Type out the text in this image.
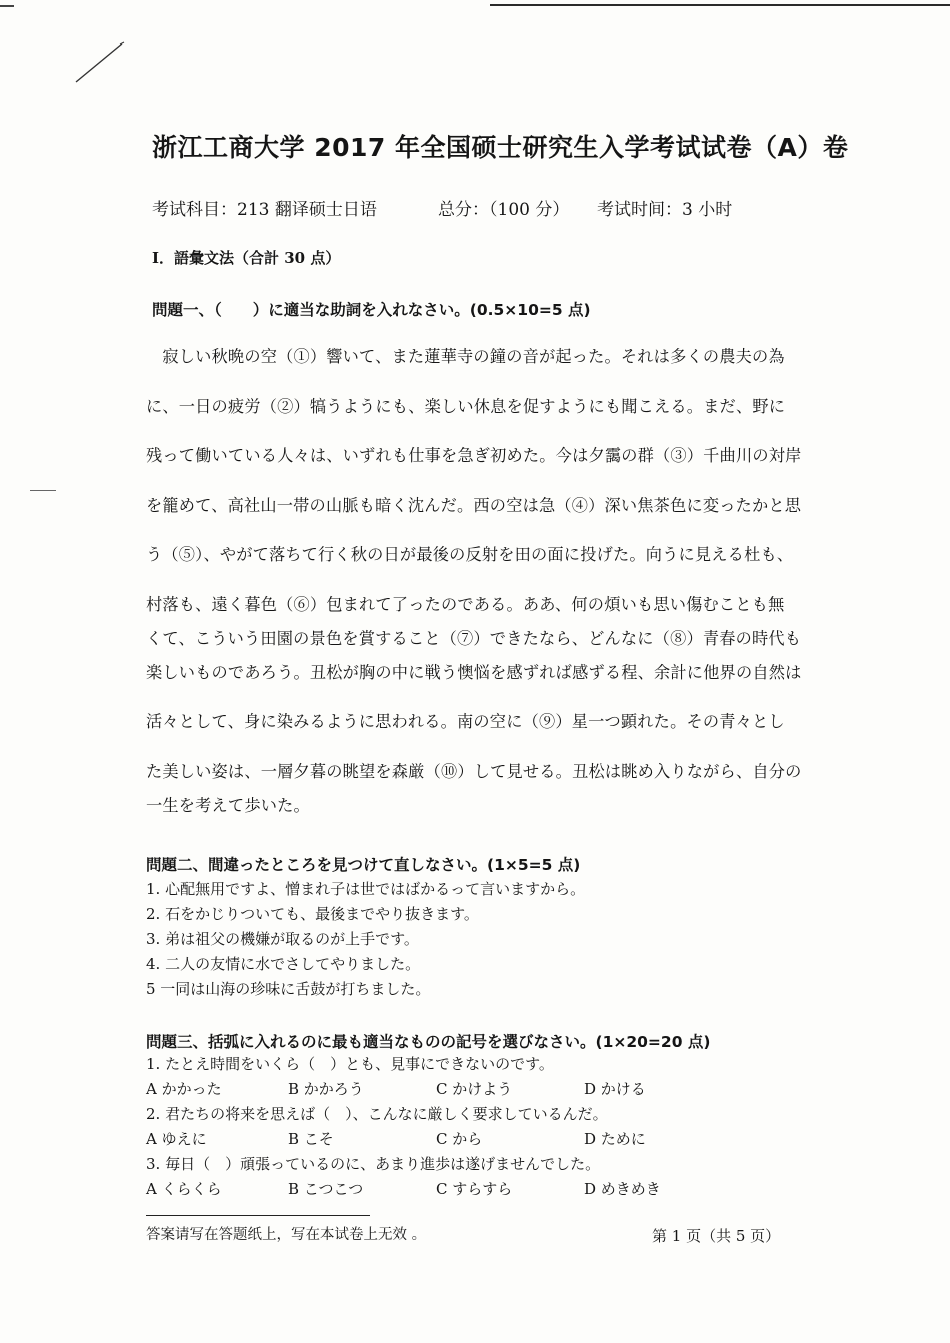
浙江工商大学 2017 年全国硕士研究生入学考试试卷（A）卷
考试科目：213 翻译硕士日语	总分：（100 分） 考试时间：3 小时
Ⅰ．語彙文法（合計 30 点）
問題一、（　　）に適当な助詞を入れなさい。(0.5×10=5 点)
　寂しい秋晩の空（①）響いて、また蓮華寺の鐘の音が起った。それは多くの農夫の為
に、一日の疲労（②）犒うようにも、楽しい休息を促すようにも聞こえる。まだ、野に
残って働いている人々は、いずれも仕事を急ぎ初めた。今は夕靄の群（③）千曲川の対岸
を籠めて、高社山一帯の山脈も暗く沈んだ。西の空は急（④）深い焦茶色に変ったかと思
う（⑤）、やがて落ちて行く秋の日が最後の反射を田の面に投げた。向うに見える杜も、
村落も、遠く暮色（⑥）包まれて了ったのである。ああ、何の煩いも思い傷むことも無
くて、こういう田園の景色を賞すること（⑦）できたなら、どんなに（⑧）青春の時代も
楽しいものであろう。丑松が胸の中に戦う懊悩を感ずれば感ずる程、余計に他界の自然は
活々として、身に染みるように思われる。南の空に（⑨）星一つ顕れた。その青々とし
た美しい姿は、一層夕暮の眺望を森厳（⑩）して見せる。丑松は眺め入りながら、自分の
一生を考えて歩いた。
問題二、間違ったところを見つけて直しなさい。(1×5=5 点)
1. 心配無用ですよ、憎まれ子は世ではばかるって言いますから。
2. 石をかじりついても、最後までやり抜きます。
3. 弟は祖父の機嫌が取るのが上手です。
4. 二人の友情に水でさしてやりました。
5 一同は山海の珍味に舌鼓が打ちました。
問題三、括弧に入れるのに最も適当なものの記号を選びなさい。(1×20=20 点)
1. たとえ時間をいくら（　）とも、見事にできないのです。
A かかった	B かかろう	C かけよう	D かける
2. 君たちの将来を思えば（　）、こんなに厳しく要求しているんだ。
A ゆえに	B こそ	C から	D ために
3. 毎日（　）頑張っているのに、あまり進歩は遂げませんでした。
A くらくら	B こつこつ	C すらすら	D めきめき
答案请写在答题纸上，写在本试卷上无效 。	第 1 页（共 5 页）
